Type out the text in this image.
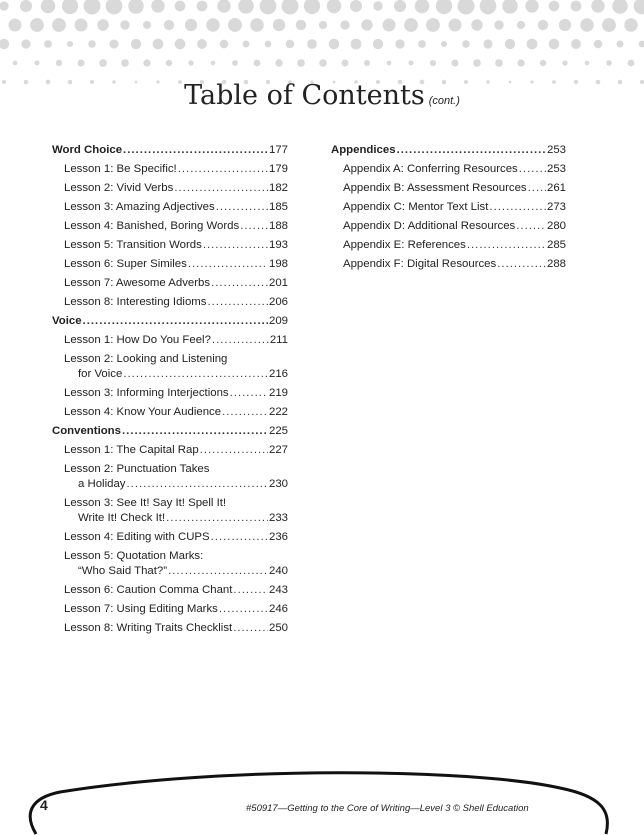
Table of Contents (cont.)
Word Choice .....	177
Lesson 1: Be Specific! .....	179
Lesson 2: Vivid Verbs .....	182
Lesson 3: Amazing Adjectives .....	185
Lesson 4: Banished, Boring Words .....	188
Lesson 5: Transition Words .....	193
Lesson 6: Super Similes .....	198
Lesson 7: Awesome Adverbs .....	201
Lesson 8: Interesting Idioms .....	206
Voice .....	209
Lesson 1: How Do You Feel? .....	211
Lesson 2: Looking and Listening
for Voice .....	216
Lesson 3: Informing Interjections .....	219
Lesson 4: Know Your Audience .....	222
Conventions .....	225
Lesson 1: The Capital Rap .....	227
Lesson 2: Punctuation Takes
a Holiday .....	230
Lesson 3: See It! Say It! Spell It!
Write It! Check It! .....	233
Lesson 4: Editing with CUPS .....	236
Lesson 5: Quotation Marks:
“Who Said That?” .....	240
Lesson 6: Caution Comma Chant .....	243
Lesson 7: Using Editing Marks .....	246
Lesson 8: Writing Traits Checklist .....	250
Appendices .....	253
Appendix A: Conferring Resources .....	253
Appendix B: Assessment Resources ..... 261
Appendix C: Mentor Text List .....	273
Appendix D: Additional Resources .....	280
Appendix E: References .....	285
Appendix F: Digital Resources .....	288
4	#50917—Getting to the Core of Writing—Level 3 © Shell Education
